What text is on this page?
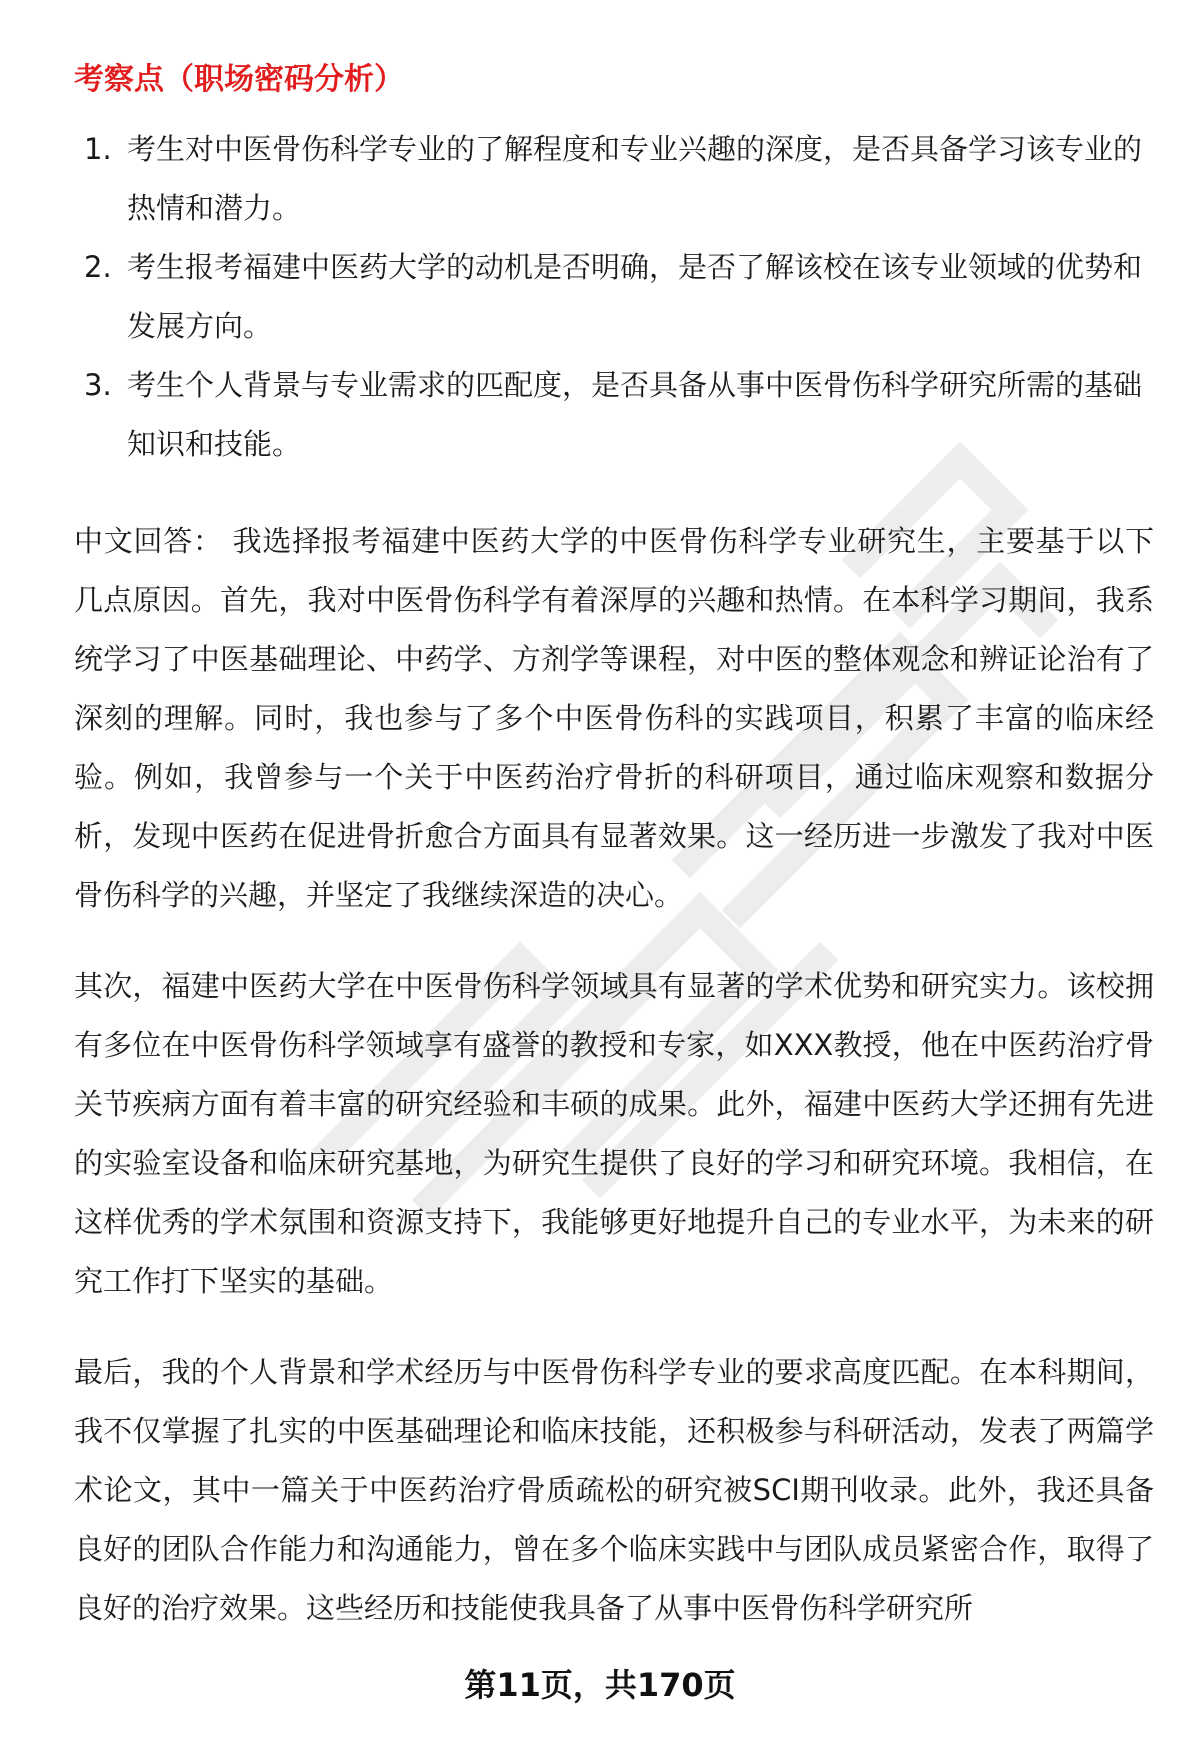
考察点（职场密码分析）
1. 考生对中医骨伤科学专业的了解程度和专业兴趣的深度，是否具备学习该专业的热情和潜力。
2. 考生报考福建中医药大学的动机是否明确，是否了解该校在该专业领域的优势和发展方向。
3. 考生个人背景与专业需求的匹配度，是否具备从事中医骨伤科学研究所需的基础知识和技能。

中文回答： 我选择报考福建中医药大学的中医骨伤科学专业研究生，主要基于以下几点原因。首先，我对中医骨伤科学有着深厚的兴趣和热情。在本科学习期间，我系统学习了中医基础理论、中药学、方剂学等课程，对中医的整体观念和辨证论治有了深刻的理解。同时，我也参与了多个中医骨伤科的实践项目，积累了丰富的临床经验。例如，我曾参与一个关于中医药治疗骨折的科研项目，通过临床观察和数据分析，发现中医药在促进骨折愈合方面具有显著效果。这一经历进一步激发了我对中医骨伤科学的兴趣，并坚定了我继续深造的决心。

其次，福建中医药大学在中医骨伤科学领域具有显著的学术优势和研究实力。该校拥有多位在中医骨伤科学领域享有盛誉的教授和专家，如XXX教授，他在中医药治疗骨关节疾病方面有着丰富的研究经验和丰硕的成果。此外，福建中医药大学还拥有先进的实验室设备和临床研究基地，为研究生提供了良好的学习和研究环境。我相信，在这样优秀的学术氛围和资源支持下，我能够更好地提升自己的专业水平，为未来的研究工作打下坚实的基础。

最后，我的个人背景和学术经历与中医骨伤科学专业的要求高度匹配。在本科期间，我不仅掌握了扎实的中医基础理论和临床技能，还积极参与科研活动，发表了两篇学术论文，其中一篇关于中医药治疗骨质疏松的研究被SCI期刊收录。此外，我还具备良好的团队合作能力和沟通能力，曾在多个临床实践中与团队成员紧密合作，取得了良好的治疗效果。这些经历和技能使我具备了从事中医骨伤科学研究所

第11页，共170页
